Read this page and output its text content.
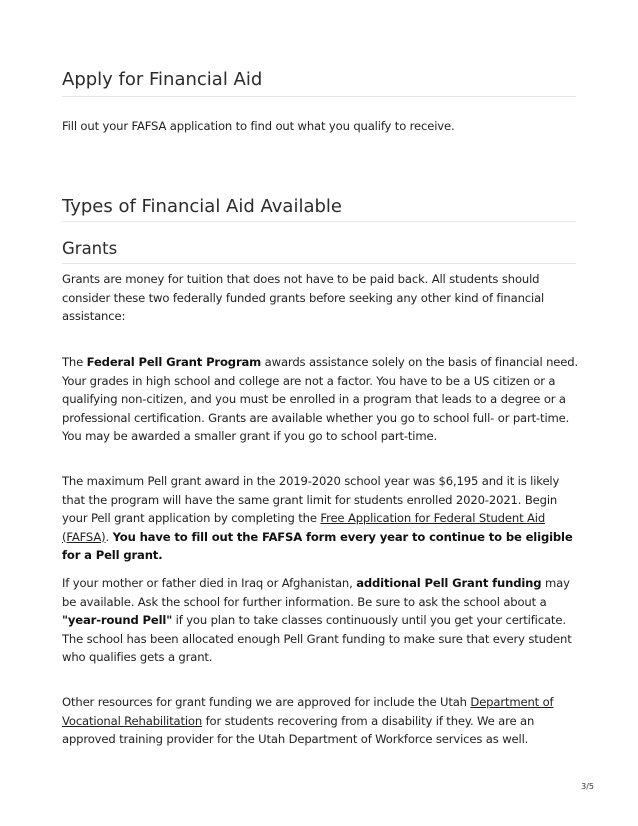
Apply for Financial Aid

Fill out your FAFSA application to find out what you qualify to receive.

Types of Financial Aid Available
Grants

Grants are money for tuition that does not have to be paid back. All students should consider these two federally funded grants before seeking any other kind of financial assistance:

The Federal Pell Grant Program awards assistance solely on the basis of financial need. Your grades in high school and college are not a factor. You have to be a US citizen or a qualifying non-citizen, and you must be enrolled in a program that leads to a degree or a professional certification. Grants are available whether you go to school full- or part-time. You may be awarded a smaller grant if you go to school part-time.

The maximum Pell grant award in the 2019-2020 school year was $6,195 and it is likely that the program will have the same grant limit for students enrolled 2020-2021. Begin your Pell grant application by completing the Free Application for Federal Student Aid (FAFSA). You have to fill out the FAFSA form every year to continue to be eligible for a Pell grant.

If your mother or father died in Iraq or Afghanistan, additional Pell Grant funding may be available. Ask the school for further information. Be sure to ask the school about a "year-round Pell" if you plan to take classes continuously until you get your certificate. The school has been allocated enough Pell Grant funding to make sure that every student who qualifies gets a grant.

Other resources for grant funding we are approved for include the Utah Department of Vocational Rehabilitation for students recovering from a disability if they. We are an approved training provider for the Utah Department of Workforce services as well.

3/5
